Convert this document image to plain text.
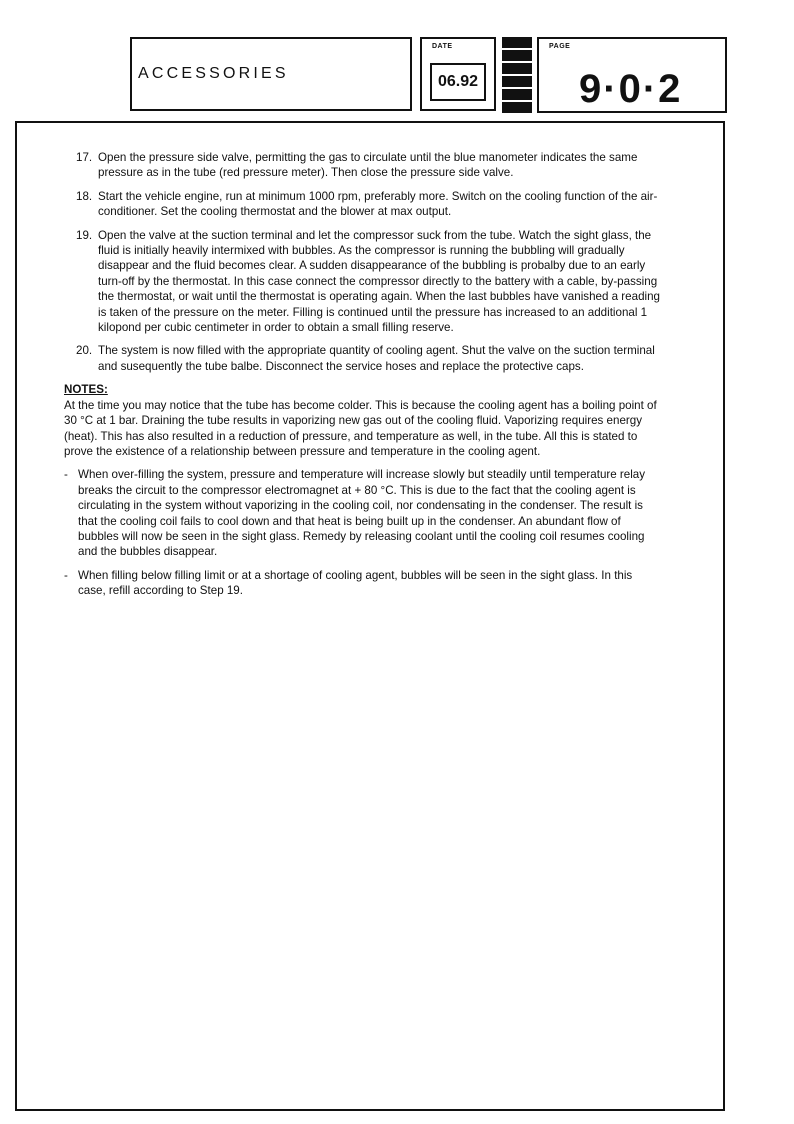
ACCESSORIES
DATE
06.92
PAGE
9·0·2
17. Open the pressure side valve, permitting the gas to circulate until the blue manometer indicates the same pressure as in the tube (red pressure meter). Then close the pressure side valve.
18. Start the vehicle engine, run at minimum 1000 rpm, preferably more. Switch on the cooling function of the air-conditioner. Set the cooling thermostat and the blower at max output.
19. Open the valve at the suction terminal and let the compressor suck from the tube. Watch the sight glass, the fluid is initially heavily intermixed with bubbles. As the compressor is running the bubbling will gradually disappear and the fluid becomes clear. A sudden disappearance of the bubbling is probalby due to an early turn-off by the thermostat. In this case connect the compressor directly to the battery with a cable, by-passing the thermostat, or wait until the thermostat is operating again. When the last bubbles have vanished a reading is taken of the pressure on the meter. Filling is continued until the pressure has increased to an additional 1 kilopond per cubic centimeter in order to obtain a small filling reserve.
20. The system is now filled with the appropriate quantity of cooling agent. Shut the valve on the suction terminal and susequently the tube balbe. Disconnect the service hoses and replace the protective caps.
NOTES:
At the time you may notice that the tube has become colder. This is because the cooling agent has a boiling point of 30 °C at 1 bar. Draining the tube results in vaporizing new gas out of the cooling fluid. Vaporizing requires energy (heat). This has also resulted in a reduction of pressure, and temperature as well, in the tube. All this is stated to prove the existence of a relationship between pressure and temperature in the cooling agent.
- When over-filling the system, pressure and temperature will increase slowly but steadily until temperature relay breaks the circuit to the compressor electromagnet at + 80 °C. This is due to the fact that the cooling agent is circulating in the system without vaporizing in the cooling coil, nor condensating in the condenser. The result is that the cooling coil fails to cool down and that heat is being built up in the condenser. An abundant flow of bubbles will now be seen in the sight glass. Remedy by releasing coolant until the cooling coil resumes cooling and the bubbles disappear.
- When filling below filling limit or at a shortage of cooling agent, bubbles will be seen in the sight glass. In this case, refill according to Step 19.
